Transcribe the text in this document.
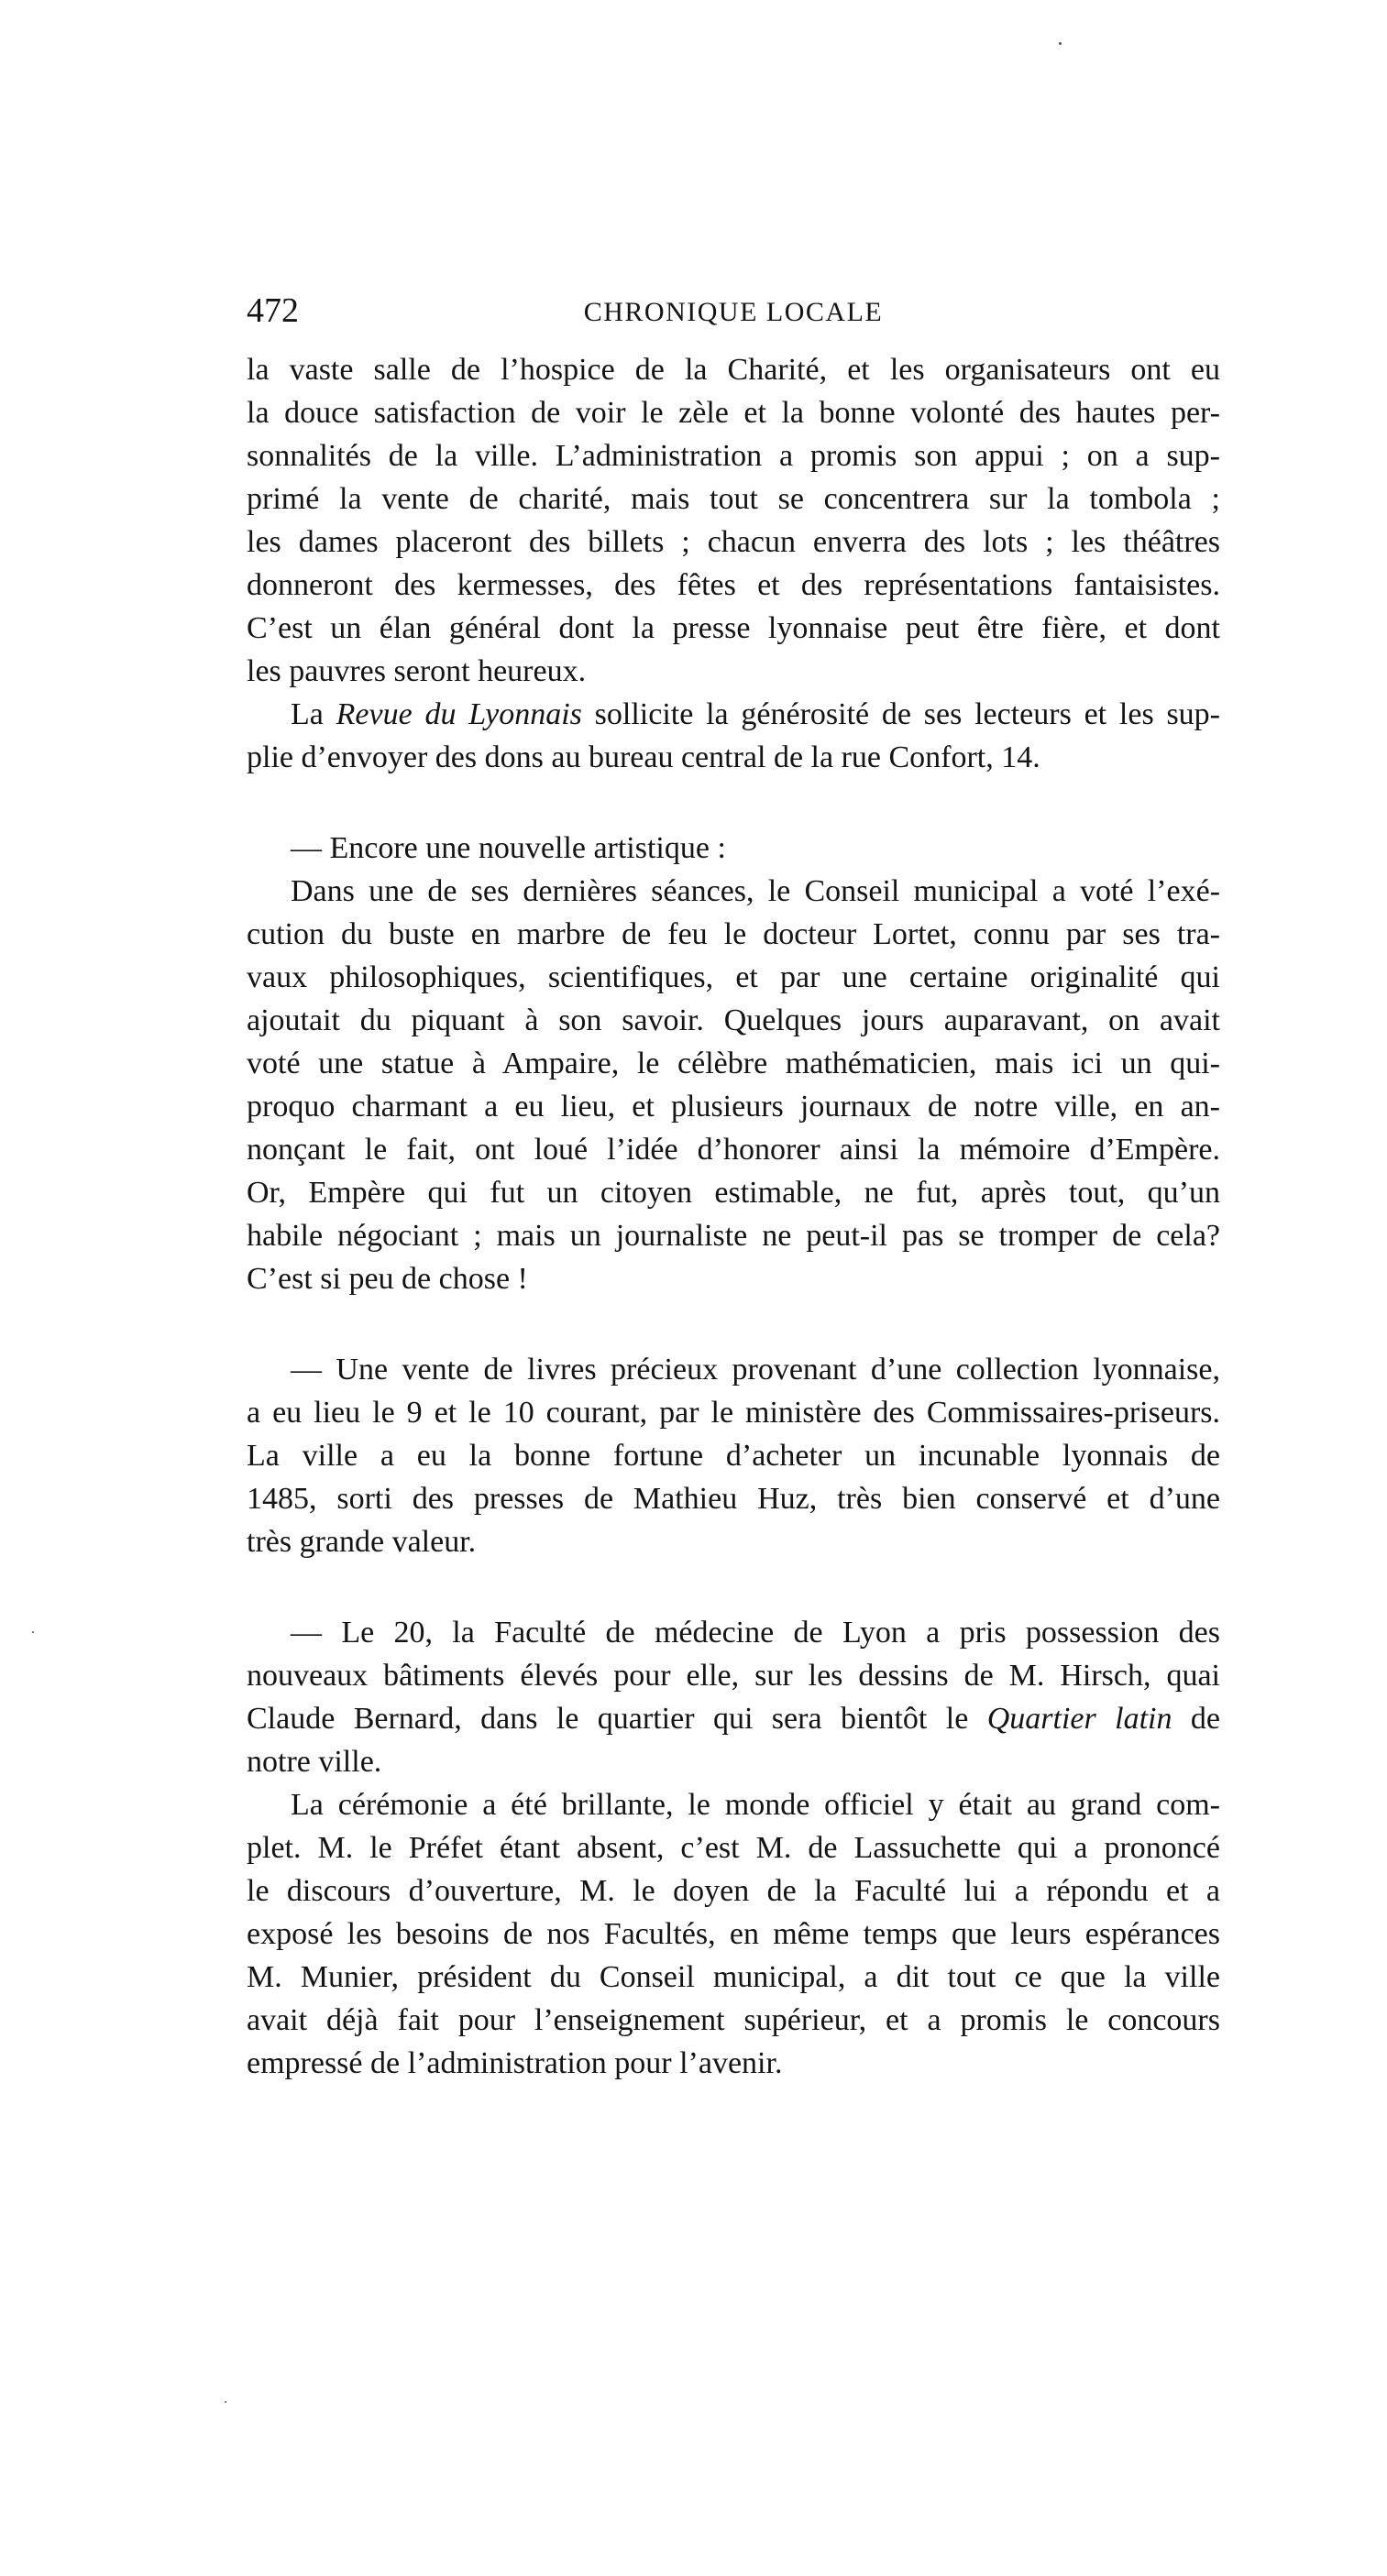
472	CHRONIQUE LOCALE
la vaste salle de l’hospice de la Charité, et les organisateurs ont eu
la douce satisfaction de voir le zèle et la bonne volonté des hautes per-
sonnalités de la ville. L’administration a promis son appui ; on a sup-
primé la vente de charité, mais tout se concentrera sur la tombola ;
les dames placeront des billets ; chacun enverra des lots ; les théâtres
donneront des kermesses, des fêtes et des représentations fantaisistes.
C’est un élan général dont la presse lyonnaise peut être fière, et dont
les pauvres seront heureux.
La Revue du Lyonnais sollicite la générosité de ses lecteurs et les sup-
plie d’envoyer des dons au bureau central de la rue Confort, 14.
— Encore une nouvelle artistique :
Dans une de ses dernières séances, le Conseil municipal a voté l’exé-
cution du buste en marbre de feu le docteur Lortet, connu par ses tra-
vaux philosophiques, scientifiques, et par une certaine originalité qui
ajoutait du piquant à son savoir. Quelques jours auparavant, on avait
voté une statue à Ampaire, le célèbre mathématicien, mais ici un qui-
proquo charmant a eu lieu, et plusieurs journaux de notre ville, en an-
nonçant le fait, ont loué l’idée d’honorer ainsi la mémoire d’Empère.
Or, Empère qui fut un citoyen estimable, ne fut, après tout, qu’un
habile négociant ; mais un journaliste ne peut-il pas se tromper de cela?
C’est si peu de chose !
— Une vente de livres précieux provenant d’une collection lyonnaise,
a eu lieu le 9 et le 10 courant, par le ministère des Commissaires-priseurs.
La ville a eu la bonne fortune d’acheter un incunable lyonnais de
1485, sorti des presses de Mathieu Huz, très bien conservé et d’une
très grande valeur.
— Le 20, la Faculté de médecine de Lyon a pris possession des
nouveaux bâtiments élevés pour elle, sur les dessins de M. Hirsch, quai
Claude Bernard, dans le quartier qui sera bientôt le Quartier latin de
notre ville.
La cérémonie a été brillante, le monde officiel y était au grand com-
plet. M. le Préfet étant absent, c’est M. de Lassuchette qui a prononcé
le discours d’ouverture, M. le doyen de la Faculté lui a répondu et a
exposé les besoins de nos Facultés, en même temps que leurs espérances
M. Munier, président du Conseil municipal, a dit tout ce que la ville
avait déjà fait pour l’enseignement supérieur, et a promis le concours
empressé de l’administration pour l’avenir.
